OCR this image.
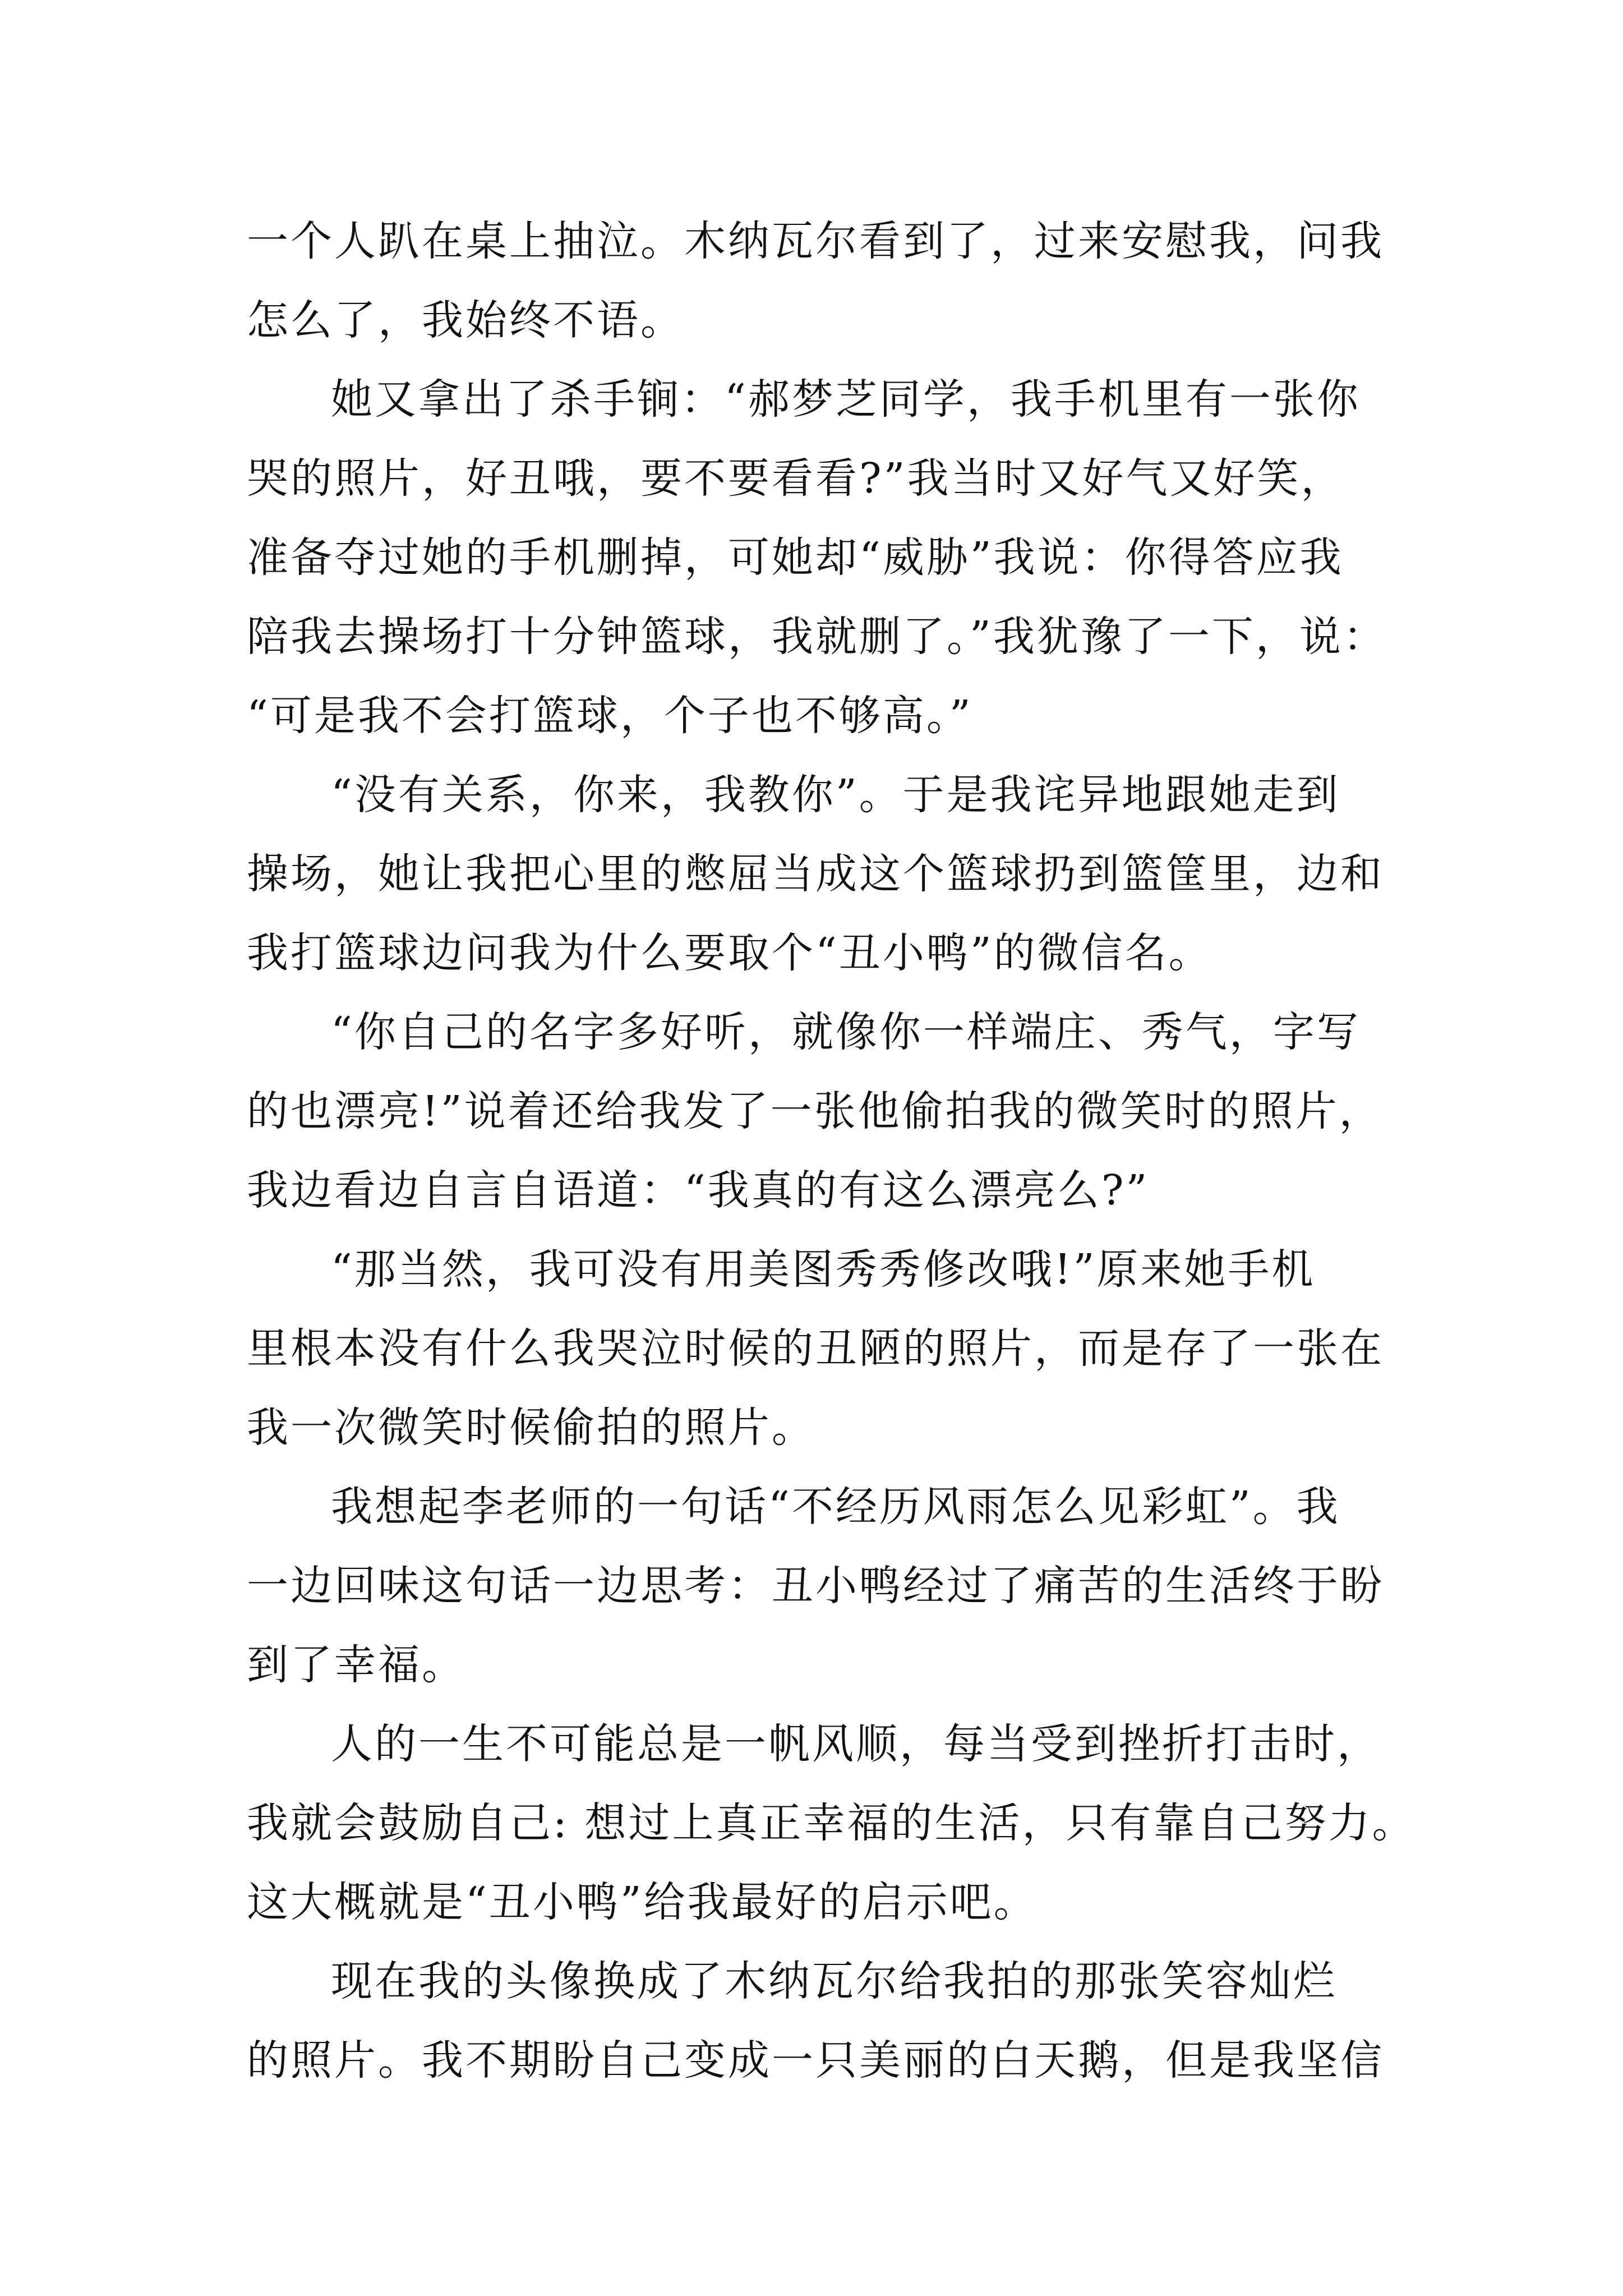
一个人趴在桌上抽泣。木纳瓦尔看到了，过来安慰我，问我
怎么了，我始终不语。
她又拿出了杀手锏：“郝梦芝同学，我手机里有一张你
哭的照片，好丑哦，要不要看看?”我当时又好气又好笑，
准备夺过她的手机删掉，可她却“威胁”我说：你得答应我
陪我去操场打十分钟篮球，我就删了。”我犹豫了一下，说：
“可是我不会打篮球，个子也不够高。”
“没有关系，你来，我教你”。于是我诧异地跟她走到
操场，她让我把心里的憋屈当成这个篮球扔到篮筐里，边和
我打篮球边问我为什么要取个“丑小鸭”的微信名。
“你自己的名字多好听，就像你一样端庄、秀气，字写
的也漂亮!”说着还给我发了一张他偷拍我的微笑时的照片，
我边看边自言自语道：“我真的有这么漂亮么?”
“那当然，我可没有用美图秀秀修改哦!”原来她手机
里根本没有什么我哭泣时候的丑陋的照片，而是存了一张在
我一次微笑时候偷拍的照片。
我想起李老师的一句话“不经历风雨怎么见彩虹”。我
一边回味这句话一边思考：丑小鸭经过了痛苦的生活终于盼
到了幸福。
人的一生不可能总是一帆风顺，每当受到挫折打击时，
我就会鼓励自己: 想过上真正幸福的生活，只有靠自己努力。
这大概就是“丑小鸭”给我最好的启示吧。
现在我的头像换成了木纳瓦尔给我拍的那张笑容灿烂
的照片。我不期盼自己变成一只美丽的白天鹅，但是我坚信
